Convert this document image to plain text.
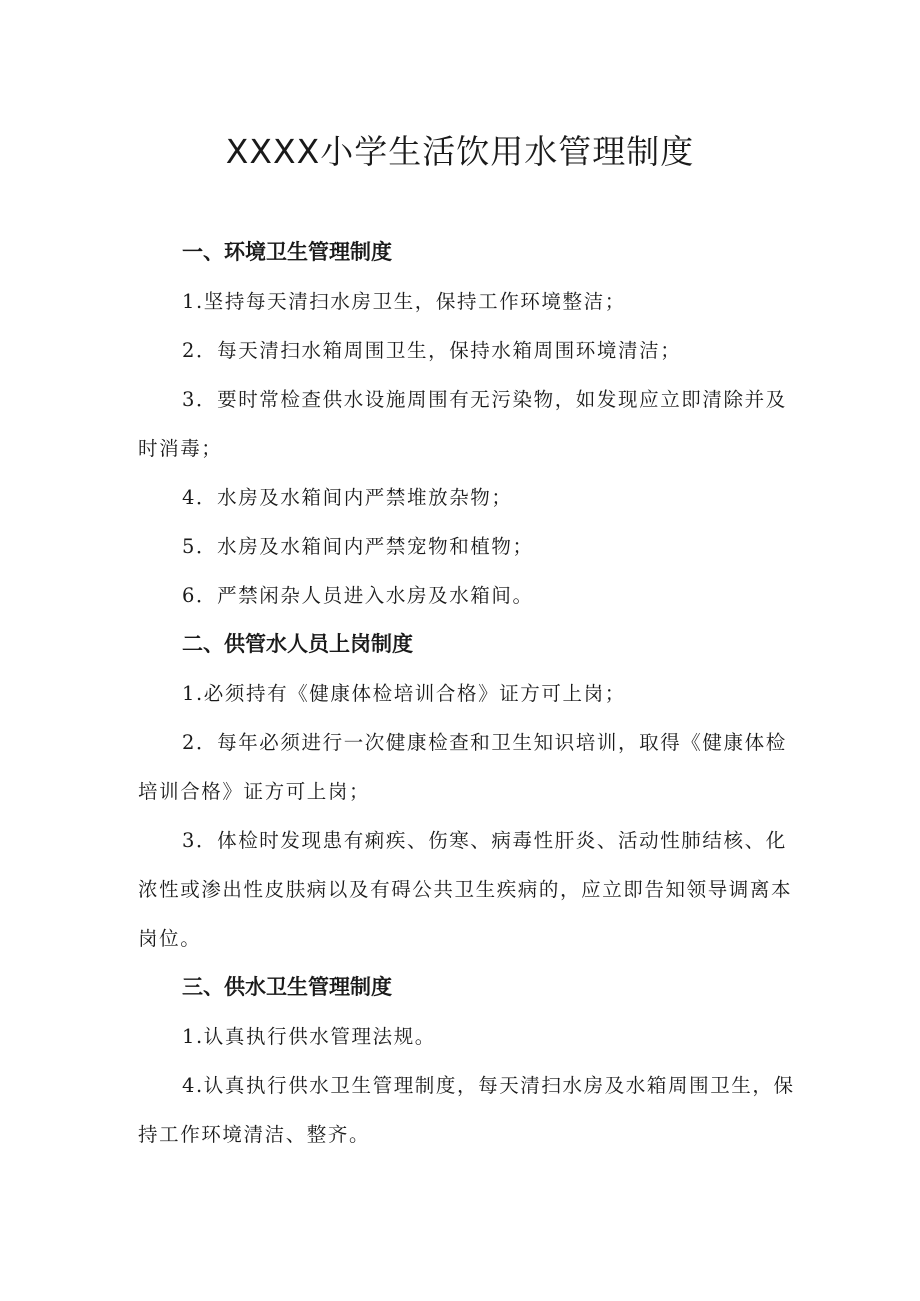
XXXX小学生活饮用水管理制度
一、环境卫生管理制度

1.坚持每天清扫水房卫生，保持工作环境整洁；

2．每天清扫水箱周围卫生，保持水箱周围环境清洁；

3．要时常检查供水设施周围有无污染物，如发现应立即清除并及时消毒；

4．水房及水箱间内严禁堆放杂物；

5．水房及水箱间内严禁宠物和植物；

6．严禁闲杂人员进入水房及水箱间。

二、供管水人员上岗制度

1.必须持有《健康体检培训合格》证方可上岗；

2．每年必须进行一次健康检查和卫生知识培训，取得《健康体检培训合格》证方可上岗；

3．体检时发现患有痢疾、伤寒、病毒性肝炎、活动性肺结核、化浓性或渗出性皮肤病以及有碍公共卫生疾病的，应立即告知领导调离本岗位。

三、供水卫生管理制度

1.认真执行供水管理法规。

4.认真执行供水卫生管理制度，每天清扫水房及水箱周围卫生，保持工作环境清洁、整齐。
